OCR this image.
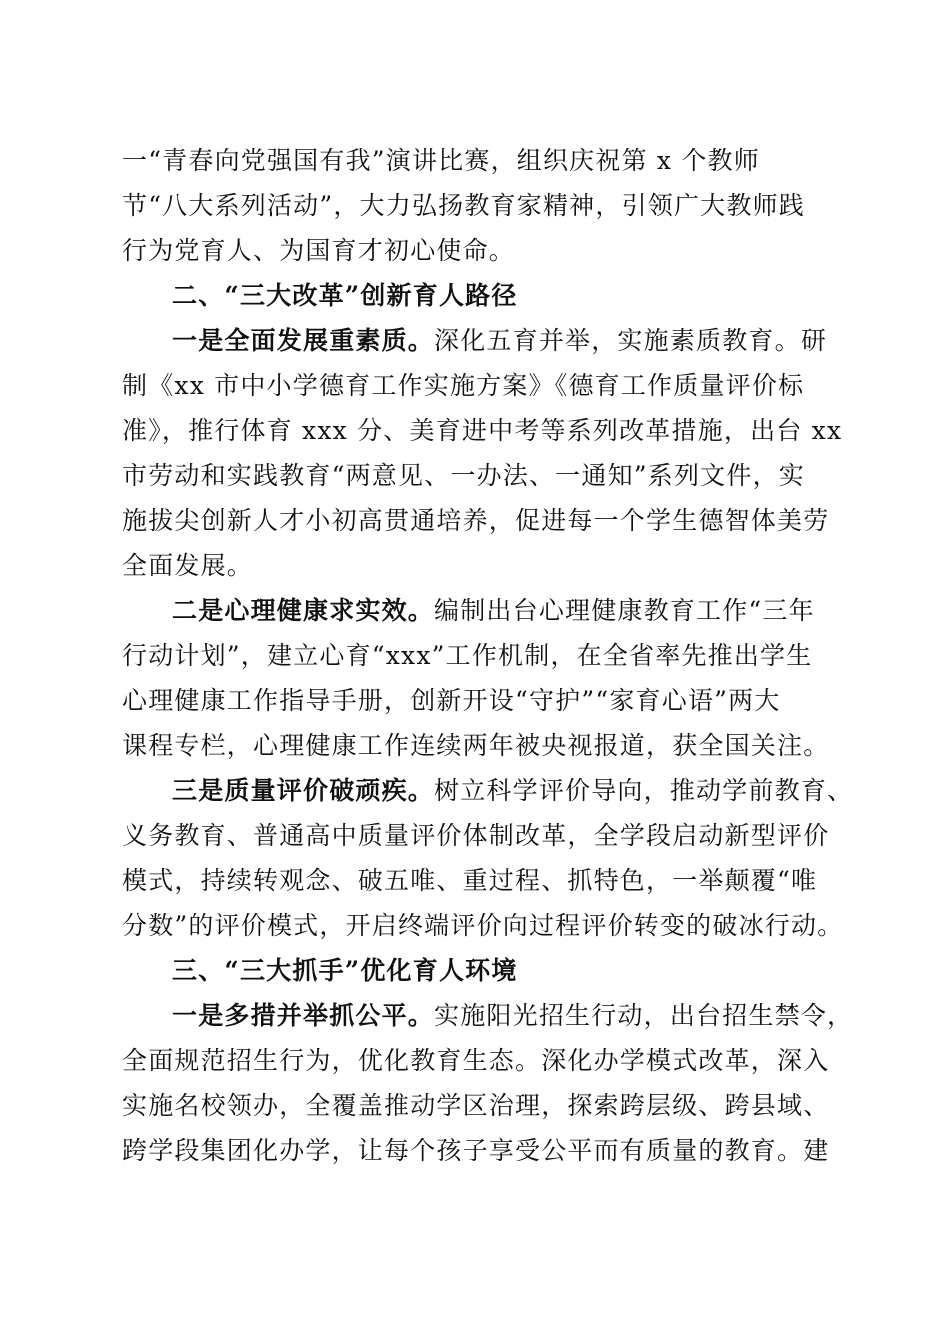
一“青春向党强国有我”演讲比赛，组织庆祝第 x 个教师
节“八大系列活动”，大力弘扬教育家精神，引领广大教师践
行为党育人、为国育才初心使命。
二、“三大改革”创新育人路径
一是全面发展重素质。深化五育并举，实施素质教育。研
制《xx 市中小学德育工作实施方案》《德育工作质量评价标
准》，推行体育 xxx 分、美育进中考等系列改革措施，出台 xx
市劳动和实践教育“两意见、一办法、一通知”系列文件，实
施拔尖创新人才小初高贯通培养，促进每一个学生德智体美劳
全面发展。
二是心理健康求实效。编制出台心理健康教育工作“三年
行动计划”，建立心育“xxx”工作机制，在全省率先推出学生
心理健康工作指导手册，创新开设“守护”“家育心语”两大
课程专栏，心理健康工作连续两年被央视报道，获全国关注。
三是质量评价破顽疾。树立科学评价导向，推动学前教育、
义务教育、普通高中质量评价体制改革，全学段启动新型评价
模式，持续转观念、破五唯、重过程、抓特色，一举颠覆“唯
分数”的评价模式，开启终端评价向过程评价转变的破冰行动。
三、“三大抓手”优化育人环境
一是多措并举抓公平。实施阳光招生行动，出台招生禁令，
全面规范招生行为，优化教育生态。深化办学模式改革，深入
实施名校领办，全覆盖推动学区治理，探索跨层级、跨县域、
跨学段集团化办学，让每个孩子享受公平而有质量的教育。建
